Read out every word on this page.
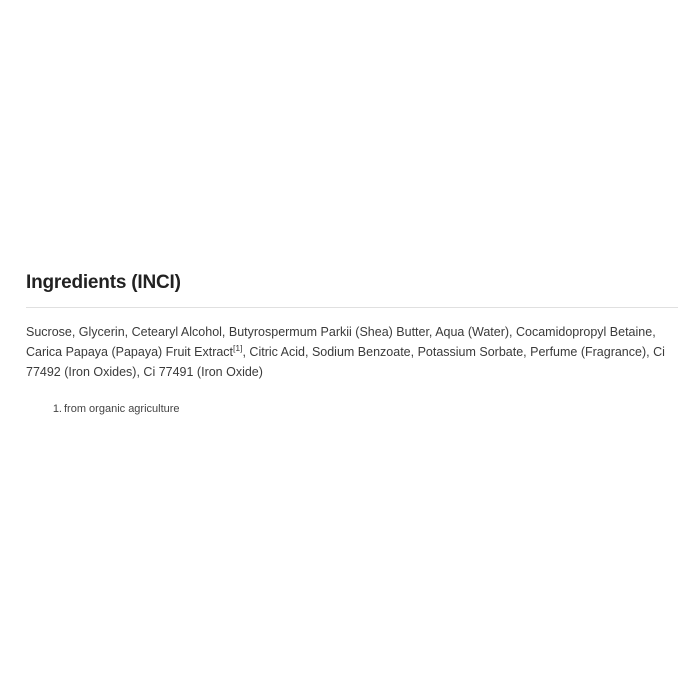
Ingredients (INCI)

Sucrose, Glycerin, Cetearyl Alcohol, Butyrospermum Parkii (Shea) Butter, Aqua (Water), Cocamidopropyl Betaine, Carica Papaya (Papaya) Fruit Extract[1], Citric Acid, Sodium Benzoate, Potassium Sorbate, Perfume (Fragrance), Ci 77492 (Iron Oxides), Ci 77491 (Iron Oxide)

1. from organic agriculture
